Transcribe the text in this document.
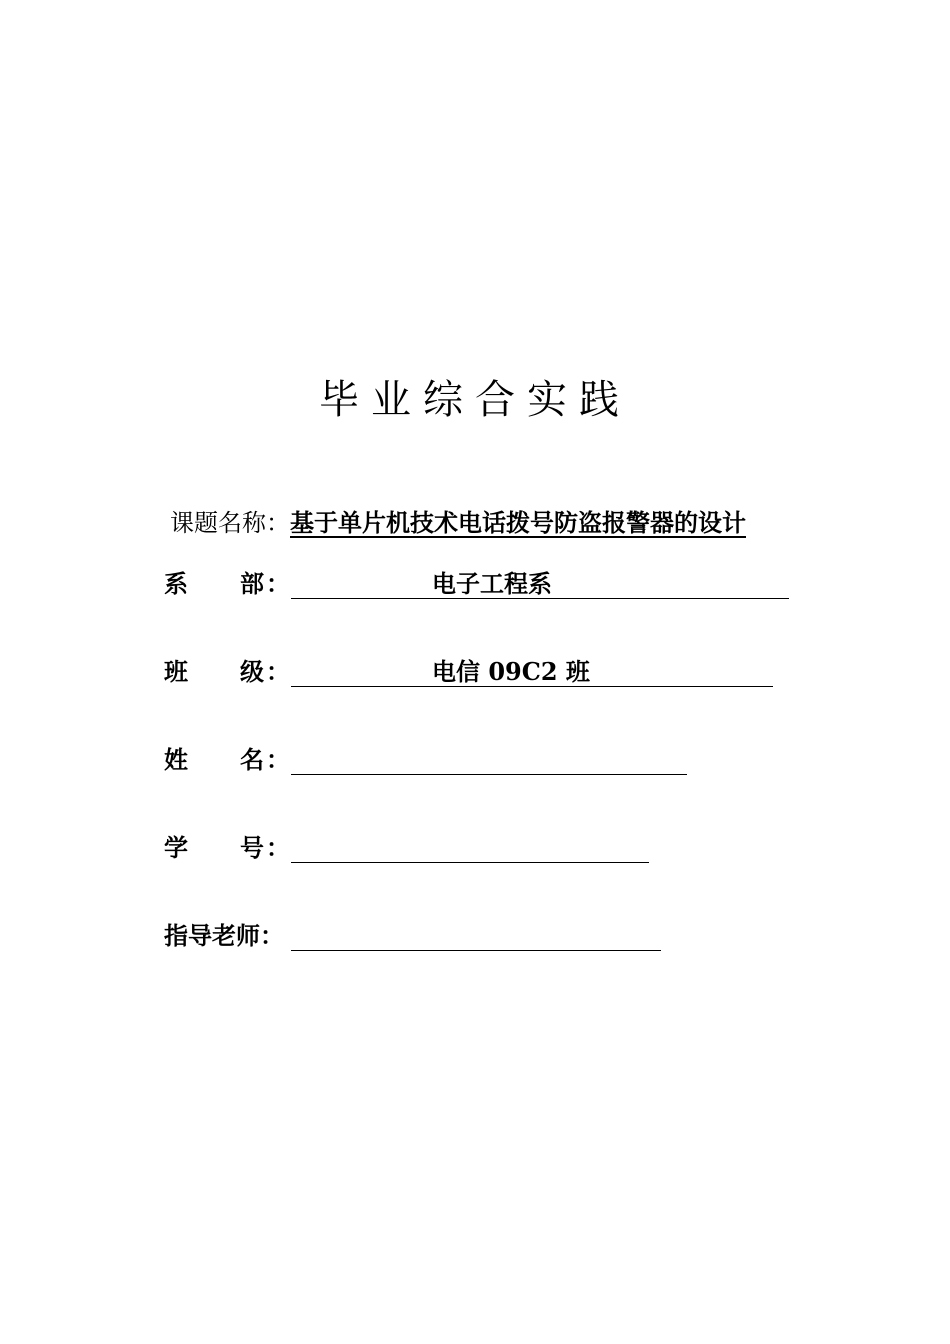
毕业综合实践
课题名称：基于单片机技术电话拨号防盗报警器的设计
系 部 ：	电子工程系
班 级 ：	电信 09C2 班
姓 名 ：
学 号 ：
指导老师：
